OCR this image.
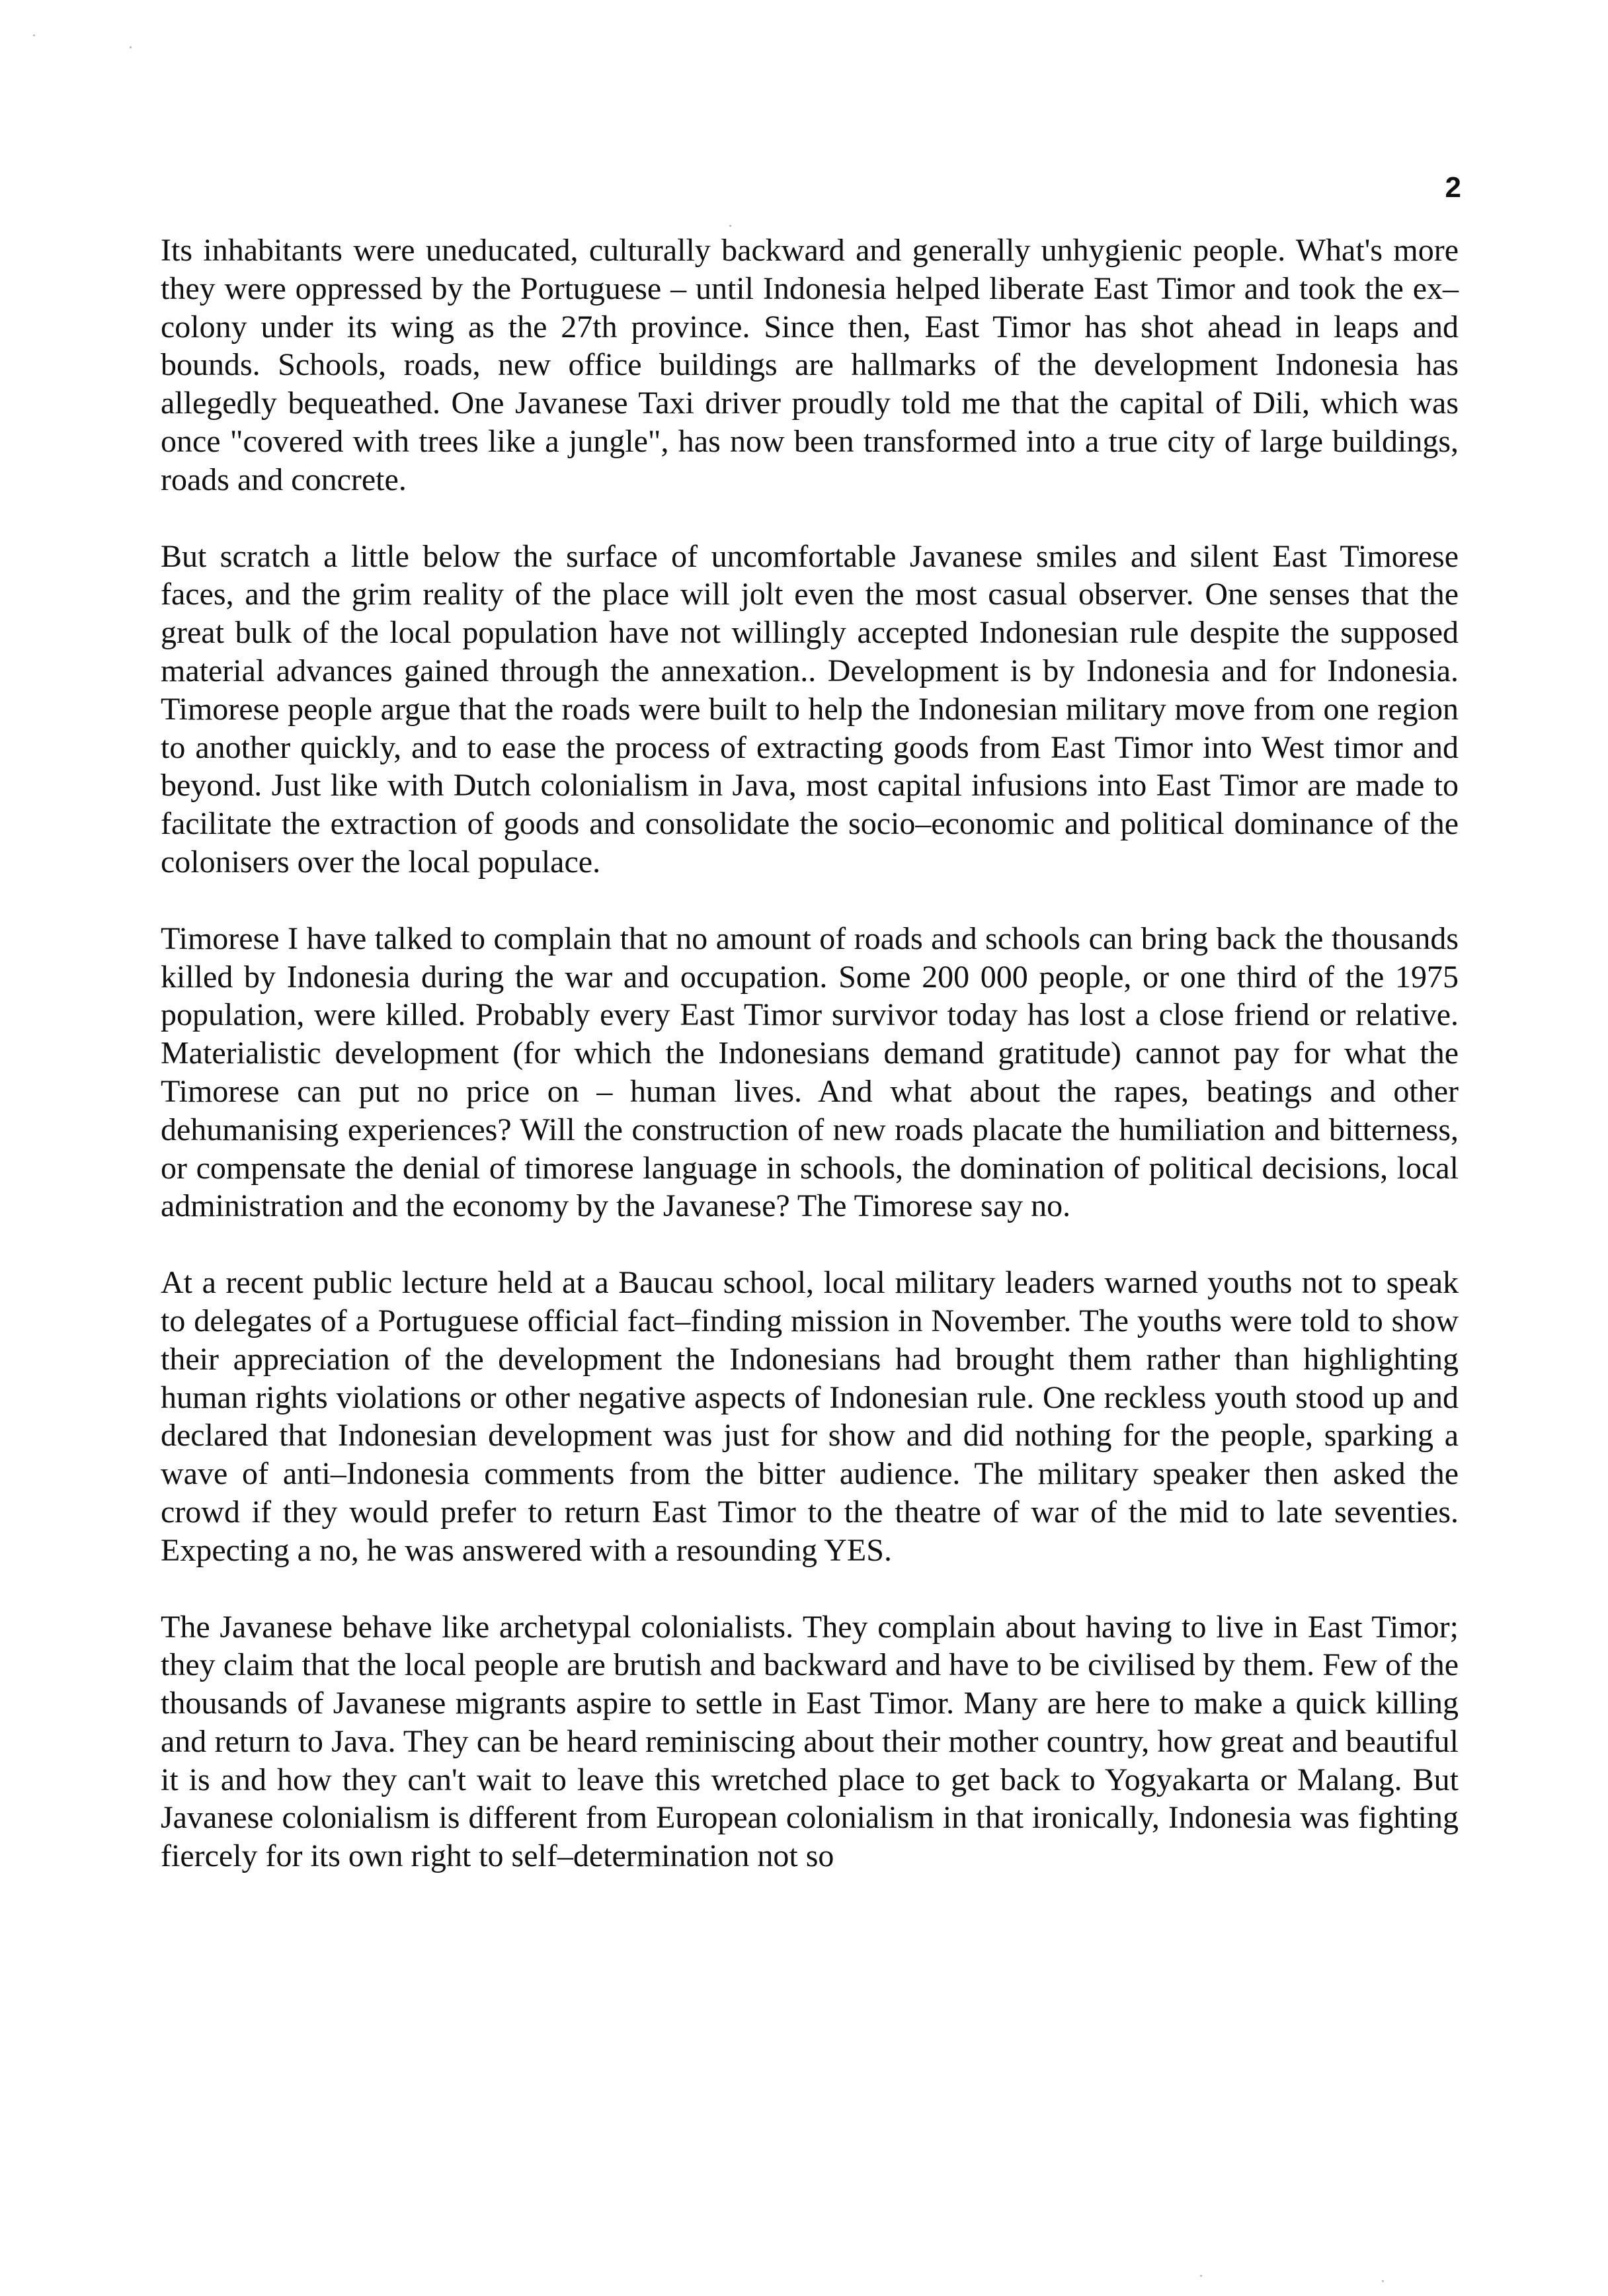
2

Its inhabitants were uneducated, culturally backward and generally unhygienic people. What's more they were oppressed by the Portuguese – until Indonesia helped liberate East Timor and took the ex–colony under its wing as the 27th province. Since then, East Timor has shot ahead in leaps and bounds. Schools, roads, new office buildings are hallmarks of the development Indonesia has allegedly bequeathed. One Javanese Taxi driver proudly told me that the capital of Dili, which was once "covered with trees like a jungle", has now been transformed into a true city of large buildings, roads and concrete.

But scratch a little below the surface of uncomfortable Javanese smiles and silent East Timorese faces, and the grim reality of the place will jolt even the most casual observer. One senses that the great bulk of the local population have not willingly accepted Indonesian rule despite the supposed material advances gained through the annexation.. Development is by Indonesia and for Indonesia. Timorese people argue that the roads were built to help the Indonesian military move from one region to another quickly, and to ease the process of extracting goods from East Timor into West timor and beyond. Just like with Dutch colonialism in Java, most capital infusions into East Timor are made to facilitate the extraction of goods and consolidate the socio–economic and political dominance of the colonisers over the local populace.

Timorese I have talked to complain that no amount of roads and schools can bring back the thousands killed by Indonesia during the war and occupation. Some 200 000 people, or one third of the 1975 population, were killed. Probably every East Timor survivor today has lost a close friend or relative. Materialistic development (for which the Indonesians demand gratitude) cannot pay for what the Timorese can put no price on – human lives. And what about the rapes, beatings and other dehumanising experiences? Will the construction of new roads placate the humiliation and bitterness, or compensate the denial of timorese language in schools, the domination of political decisions, local administration and the economy by the Javanese? The Timorese say no.

At a recent public lecture held at a Baucau school, local military leaders warned youths not to speak to delegates of a Portuguese official fact–finding mission in November. The youths were told to show their appreciation of the development the Indonesians had brought them rather than highlighting human rights violations or other negative aspects of Indonesian rule. One reckless youth stood up and declared that Indonesian development was just for show and did nothing for the people, sparking a wave of anti–Indonesia comments from the bitter audience. The military speaker then asked the crowd if they would prefer to return East Timor to the theatre of war of the mid to late seventies. Expecting a no, he was answered with a resounding YES.

The Javanese behave like archetypal colonialists. They complain about having to live in East Timor; they claim that the local people are brutish and backward and have to be civilised by them. Few of the thousands of Javanese migrants aspire to settle in East Timor. Many are here to make a quick killing and return to Java. They can be heard reminiscing about their mother country, how great and beautiful it is and how they can't wait to leave this wretched place to get back to Yogyakarta or Malang. But Javanese colonialism is different from European colonialism in that ironically, Indonesia was fighting fiercely for its own right to self–determination not so
